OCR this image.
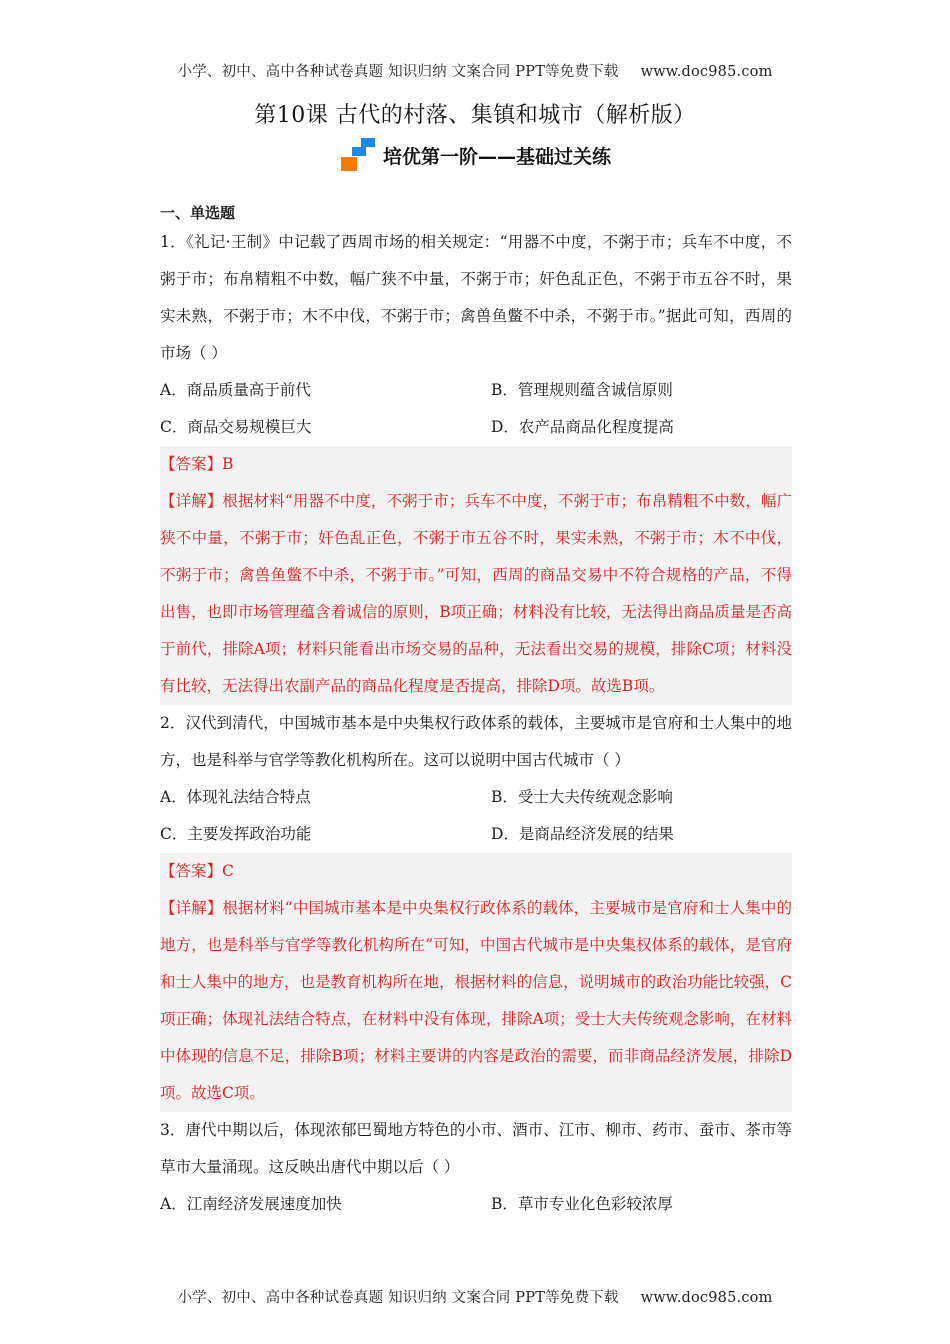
小学、初中、高中各种试卷真题 知识归纳 文案合同 PPT等免费下载 www.doc985.com
第10课 古代的村落、集镇和城市（解析版）
培优第一阶——基础过关练

一、单选题

1．《礼记·王制》中记载了西周市场的相关规定：“用器不中度，不粥于市；兵车不中度，不粥于市；布帛精粗不中数，幅广狭不中量，不粥于市；奸色乱正色，不粥于市五谷不时，果实未熟，不粥于市；木不中伐，不粥于市；禽兽鱼鳖不中杀，不粥于市。”据此可知，西周的市场（ ）

A．商品质量高于前代	B．管理规则蕴含诚信原则
C．商品交易规模巨大	D．农产品商品化程度提高

【答案】B

【详解】根据材料“用器不中度，不粥于市；兵车不中度，不粥于市；布帛精粗不中数，幅广狭不中量，不粥于市；奸色乱正色，不粥于市五谷不时，果实未熟，不粥于市；木不中伐，不粥于市；禽兽鱼鳖不中杀，不粥于市。”可知，西周的商品交易中不符合规格的产品，不得出售，也即市场管理蕴含着诚信的原则，B项正确；材料没有比较，无法得出商品质量是否高于前代，排除A项；材料只能看出市场交易的品种，无法看出交易的规模，排除C项；材料没有比较，无法得出农副产品的商品化程度是否提高，排除D项。故选B项。

2．汉代到清代，中国城市基本是中央集权行政体系的载体，主要城市是官府和士人集中的地方，也是科举与官学等教化机构所在。这可以说明中国古代城市（ ）

A．体现礼法结合特点	B．受士大夫传统观念影响
C．主要发挥政治功能	D．是商品经济发展的结果

【答案】C

【详解】根据材料“中国城市基本是中央集权行政体系的载体，主要城市是官府和士人集中的地方，也是科举与官学等教化机构所在”可知，中国古代城市是中央集权体系的载体，是官府和士人集中的地方，也是教育机构所在地，根据材料的信息，说明城市的政治功能比较强，C项正确；体现礼法结合特点，在材料中没有体现，排除A项；受士大夫传统观念影响，在材料中体现的信息不足，排除B项；材料主要讲的内容是政治的需要，而非商品经济发展，排除D项。故选C项。

3．唐代中期以后，体现浓郁巴蜀地方特色的小市、酒市、江市、柳市、药市、蚕市、茶市等草市大量涌现。这反映出唐代中期以后（ ）

A．江南经济发展速度加快	B．草市专业化色彩较浓厚
小学、初中、高中各种试卷真题 知识归纳 文案合同 PPT等免费下载 www.doc985.com
